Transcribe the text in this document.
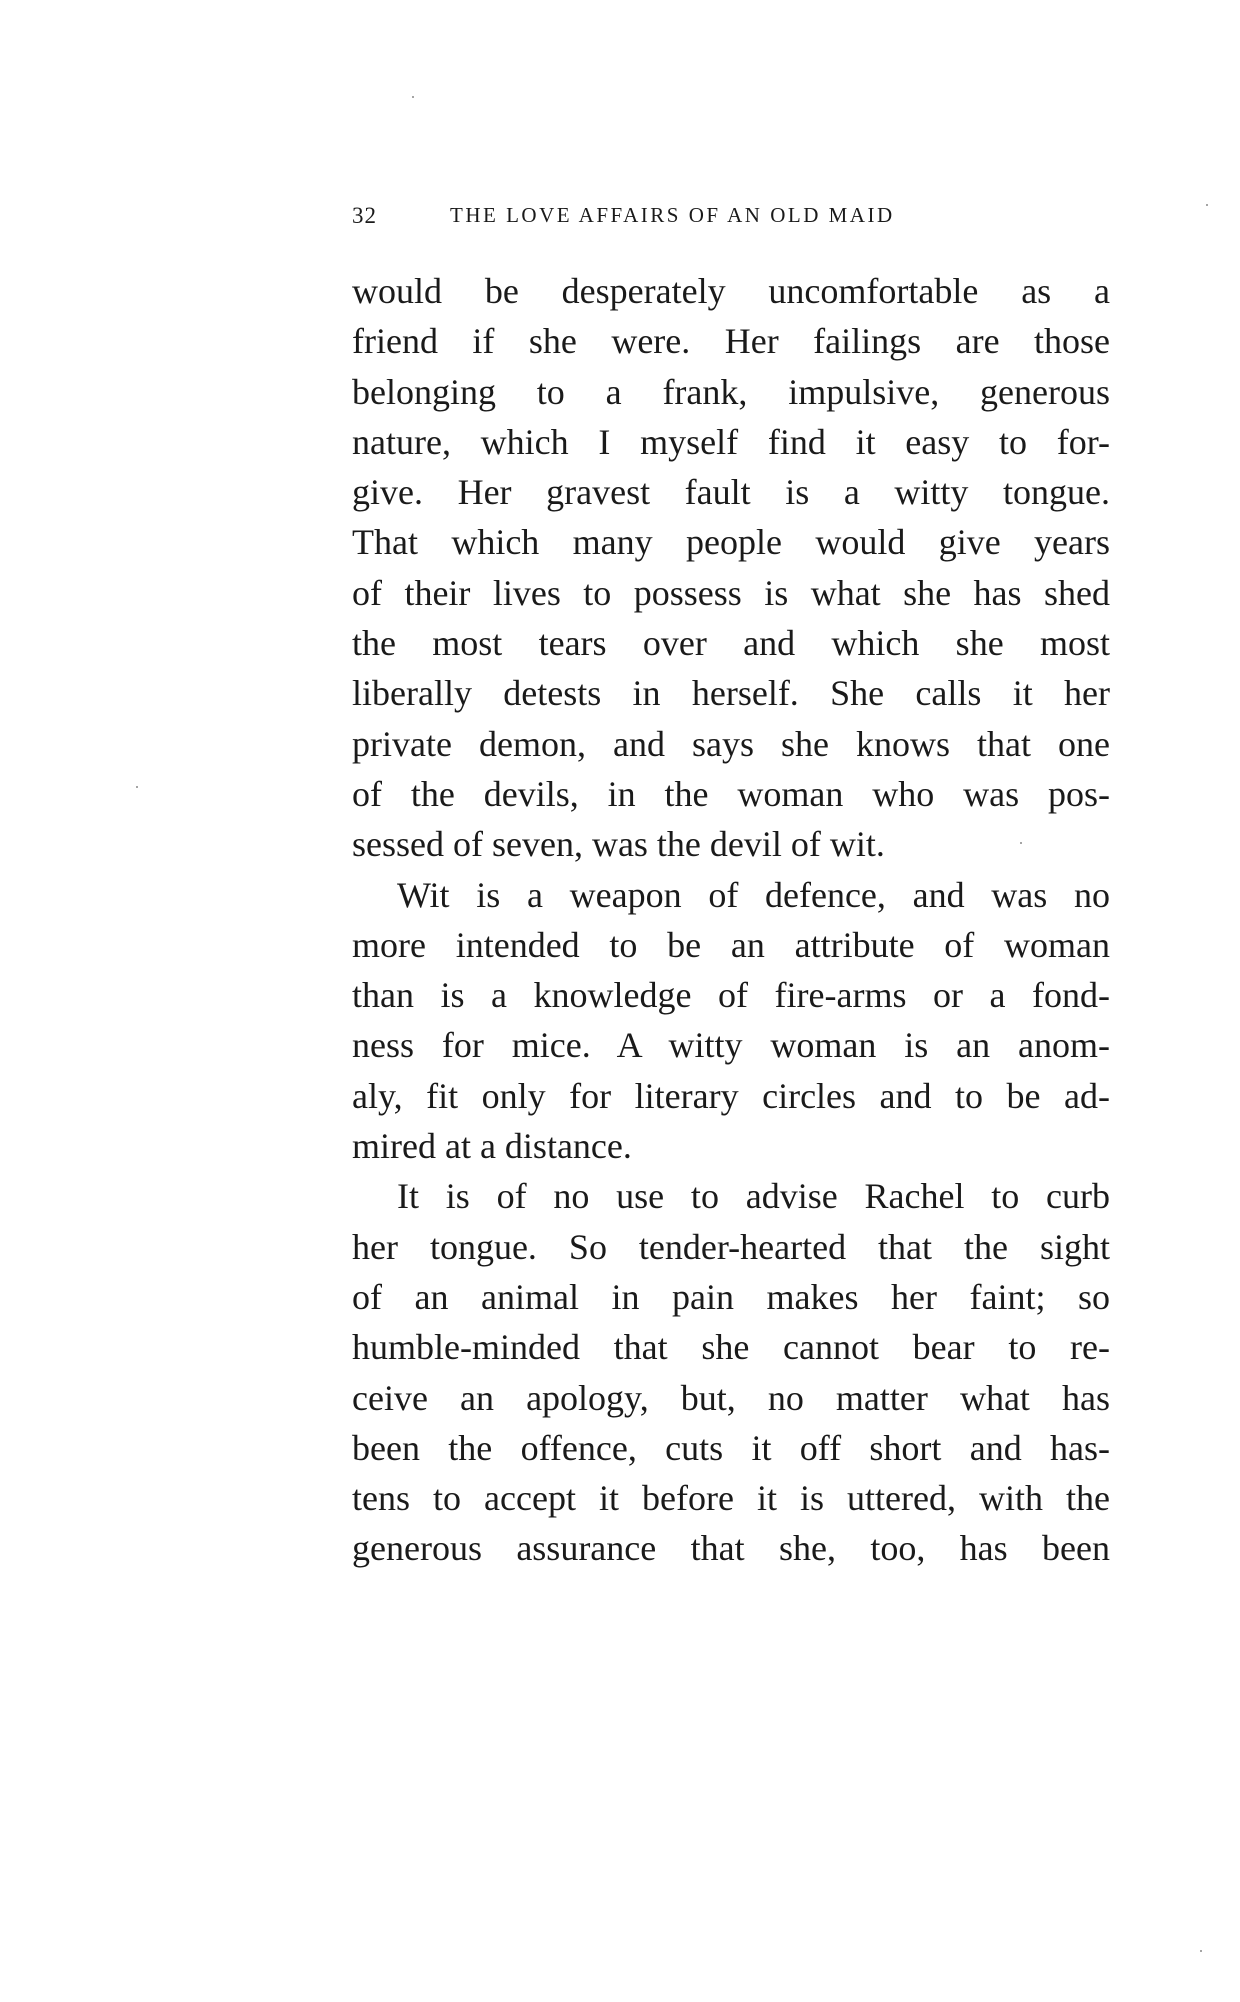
32	THE LOVE AFFAIRS OF AN OLD MAID
would be desperately uncomfortable as a
friend if she were. Her failings are those
belonging to a frank, impulsive, generous
nature, which I myself find it easy to for-
give. Her gravest fault is a witty tongue.
That which many people would give years
of their lives to possess is what she has shed
the most tears over and which she most
liberally detests in herself. She calls it her
private demon, and says she knows that one
of the devils, in the woman who was pos-
sessed of seven, was the devil of wit.
Wit is a weapon of defence, and was no
more intended to be an attribute of woman
than is a knowledge of fire-arms or a fond-
ness for mice. A witty woman is an anom-
aly, fit only for literary circles and to be ad-
mired at a distance.
It is of no use to advise Rachel to curb
her tongue. So tender-hearted that the sight
of an animal in pain makes her faint; so
humble-minded that she cannot bear to re-
ceive an apology, but, no matter what has
been the offence, cuts it off short and has-
tens to accept it before it is uttered, with the
generous assurance that she, too, has been
